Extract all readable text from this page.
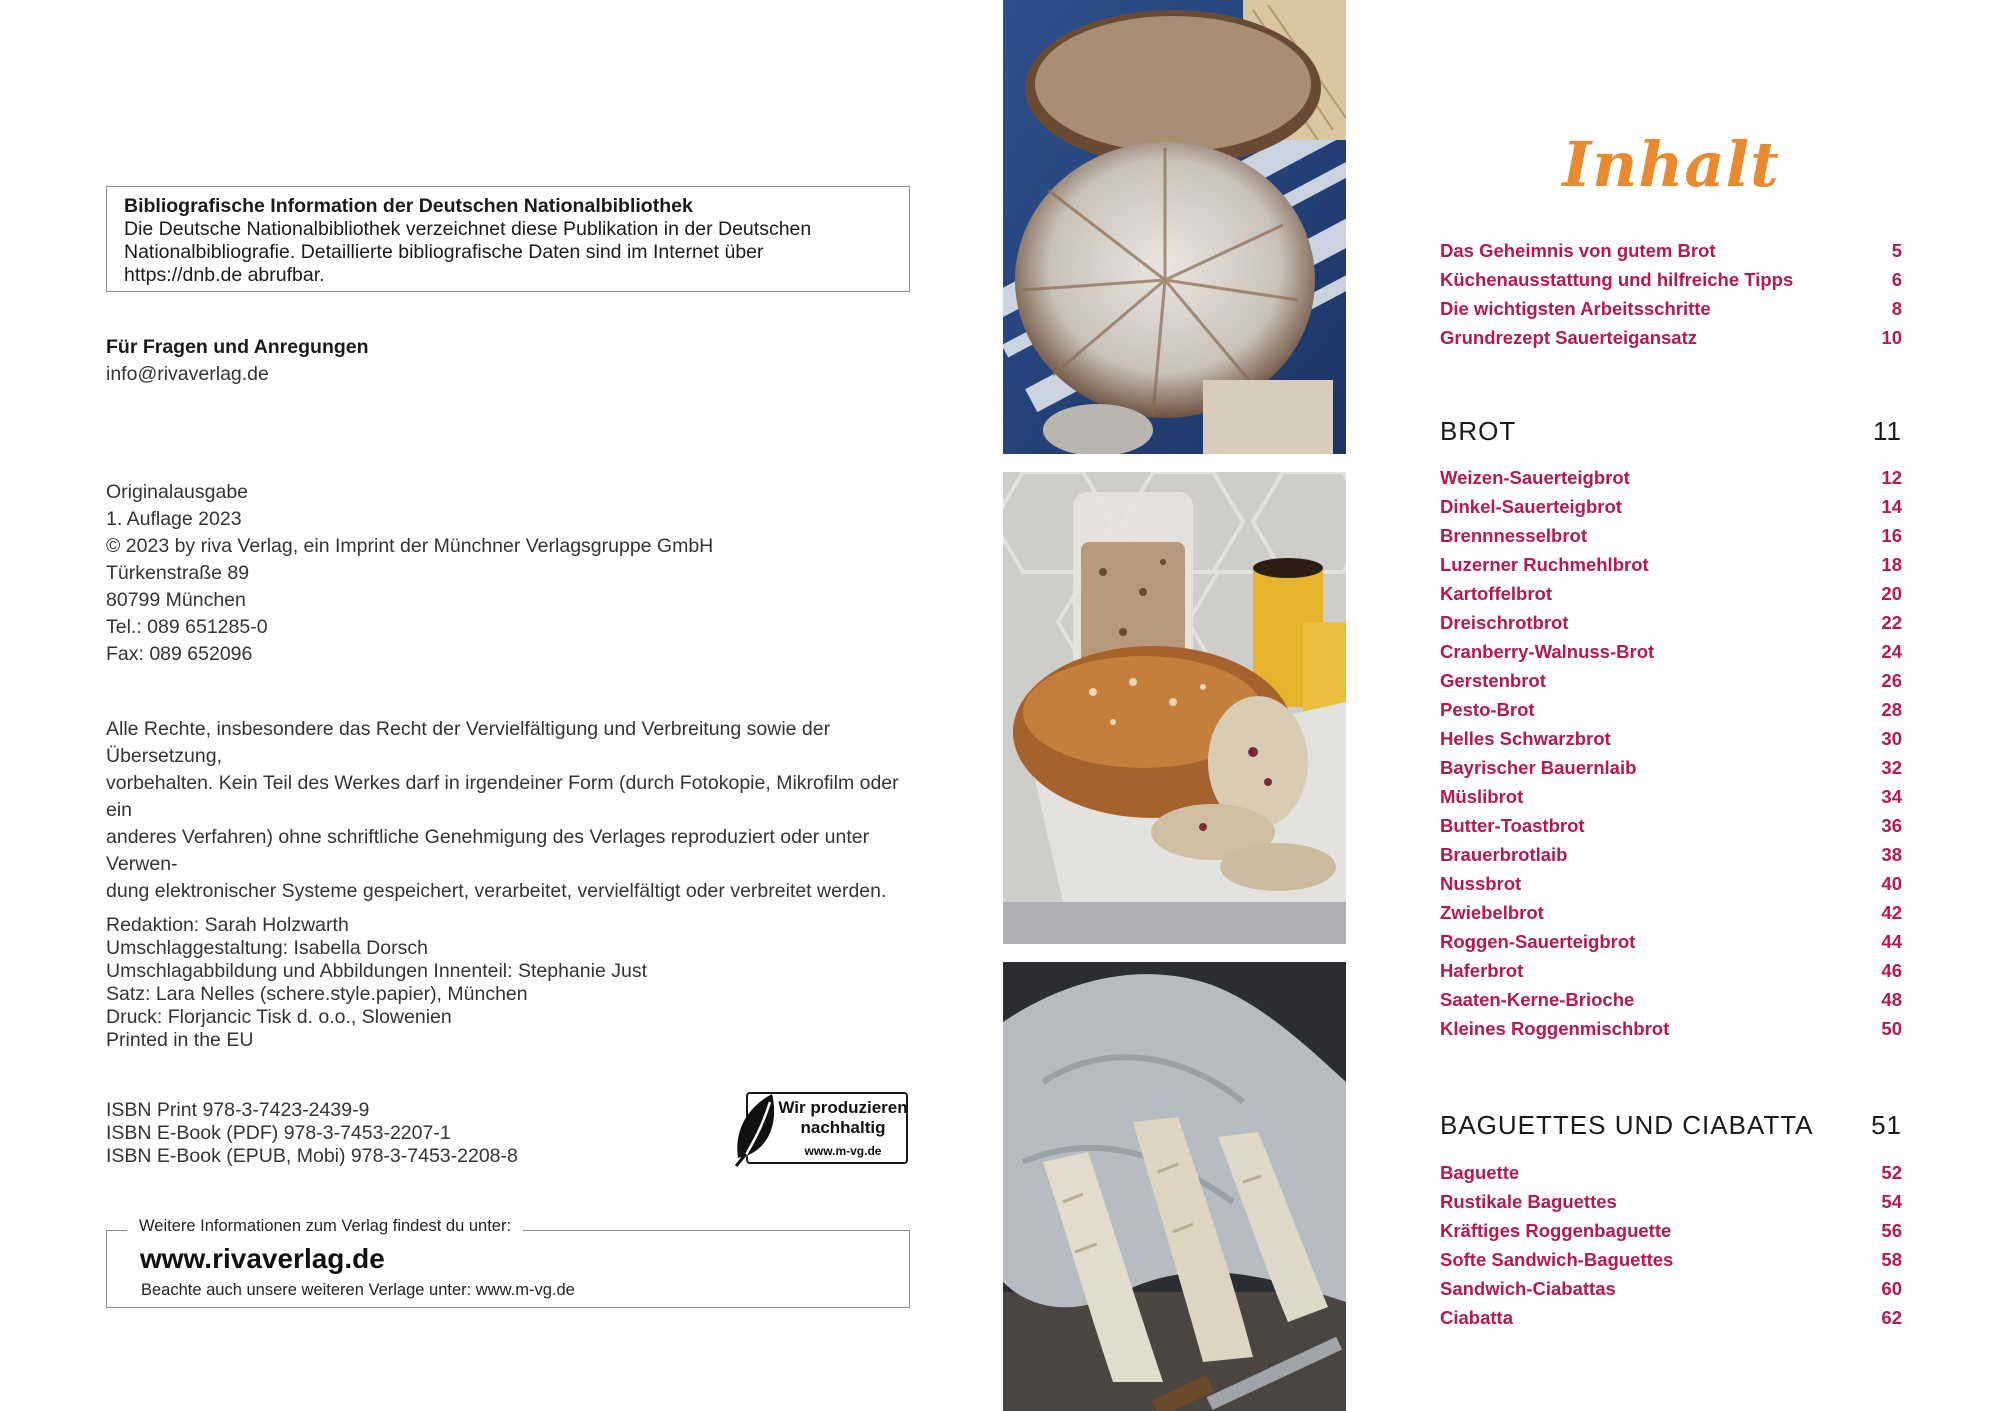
Bibliografische Information der Deutschen Nationalbibliothek
Die Deutsche Nationalbibliothek verzeichnet diese Publikation in der Deutschen
Nationalbibliografie. Detaillierte bibliografische Daten sind im Internet über
https://dnb.de abrufbar.
Für Fragen und Anregungen
info@rivaverlag.de
Originalausgabe
1. Auflage 2023
© 2023 by riva Verlag, ein Imprint der Münchner Verlagsgruppe GmbH
Türkenstraße 89
80799 München
Tel.: 089 651285-0
Fax: 089 652096
Alle Rechte, insbesondere das Recht der Vervielfältigung und Verbreitung sowie der Übersetzung,
vorbehalten. Kein Teil des Werkes darf in irgendeiner Form (durch Fotokopie, Mikrofilm oder ein
anderes Verfahren) ohne schriftliche Genehmigung des Verlages reproduziert oder unter Verwen-
dung elektronischer Systeme gespeichert, verarbeitet, vervielfältigt oder verbreitet werden.
Redaktion: Sarah Holzwarth
Umschlaggestaltung: Isabella Dorsch
Umschlagabbildung und Abbildungen Innenteil: Stephanie Just
Satz: Lara Nelles (schere.style.papier), München
Druck: Florjancic Tisk d. o.o., Slowenien
Printed in the EU
ISBN Print 978-3-7423-2439-9
ISBN E-Book (PDF) 978-3-7453-2207-1
ISBN E-Book (EPUB, Mobi) 978-3-7453-2208-8
Wir produzieren
nachhaltig
www.m-vg.de
Weitere Informationen zum Verlag findest du unter:
www.rivaverlag.de
Beachte auch unsere weiteren Verlage unter: www.m-vg.de
Inhalt
Das Geheimnis von gutem Brot	5
Küchenausstattung und hilfreiche Tipps	6
Die wichtigsten Arbeitsschritte	8
Grundrezept Sauerteigansatz	10
BROT	11
Weizen-Sauerteigbrot	12
Dinkel-Sauerteigbrot	14
Brennnesselbrot	16
Luzerner Ruchmehlbrot	18
Kartoffelbrot	20
Dreischrotbrot	22
Cranberry-Walnuss-Brot	24
Gerstenbrot	26
Pesto-Brot	28
Helles Schwarzbrot	30
Bayrischer Bauernlaib	32
Müslibrot	34
Butter-Toastbrot	36
Brauerbrotlaib	38
Nussbrot	40
Zwiebelbrot	42
Roggen-Sauerteigbrot	44
Haferbrot	46
Saaten-Kerne-Brioche	48
Kleines Roggenmischbrot	50
BAGUETTES UND CIABATTA 51
Baguette	52
Rustikale Baguettes	54
Kräftiges Roggenbaguette	56
Softe Sandwich-Baguettes	58
Sandwich-Ciabattas	60
Ciabatta	62
